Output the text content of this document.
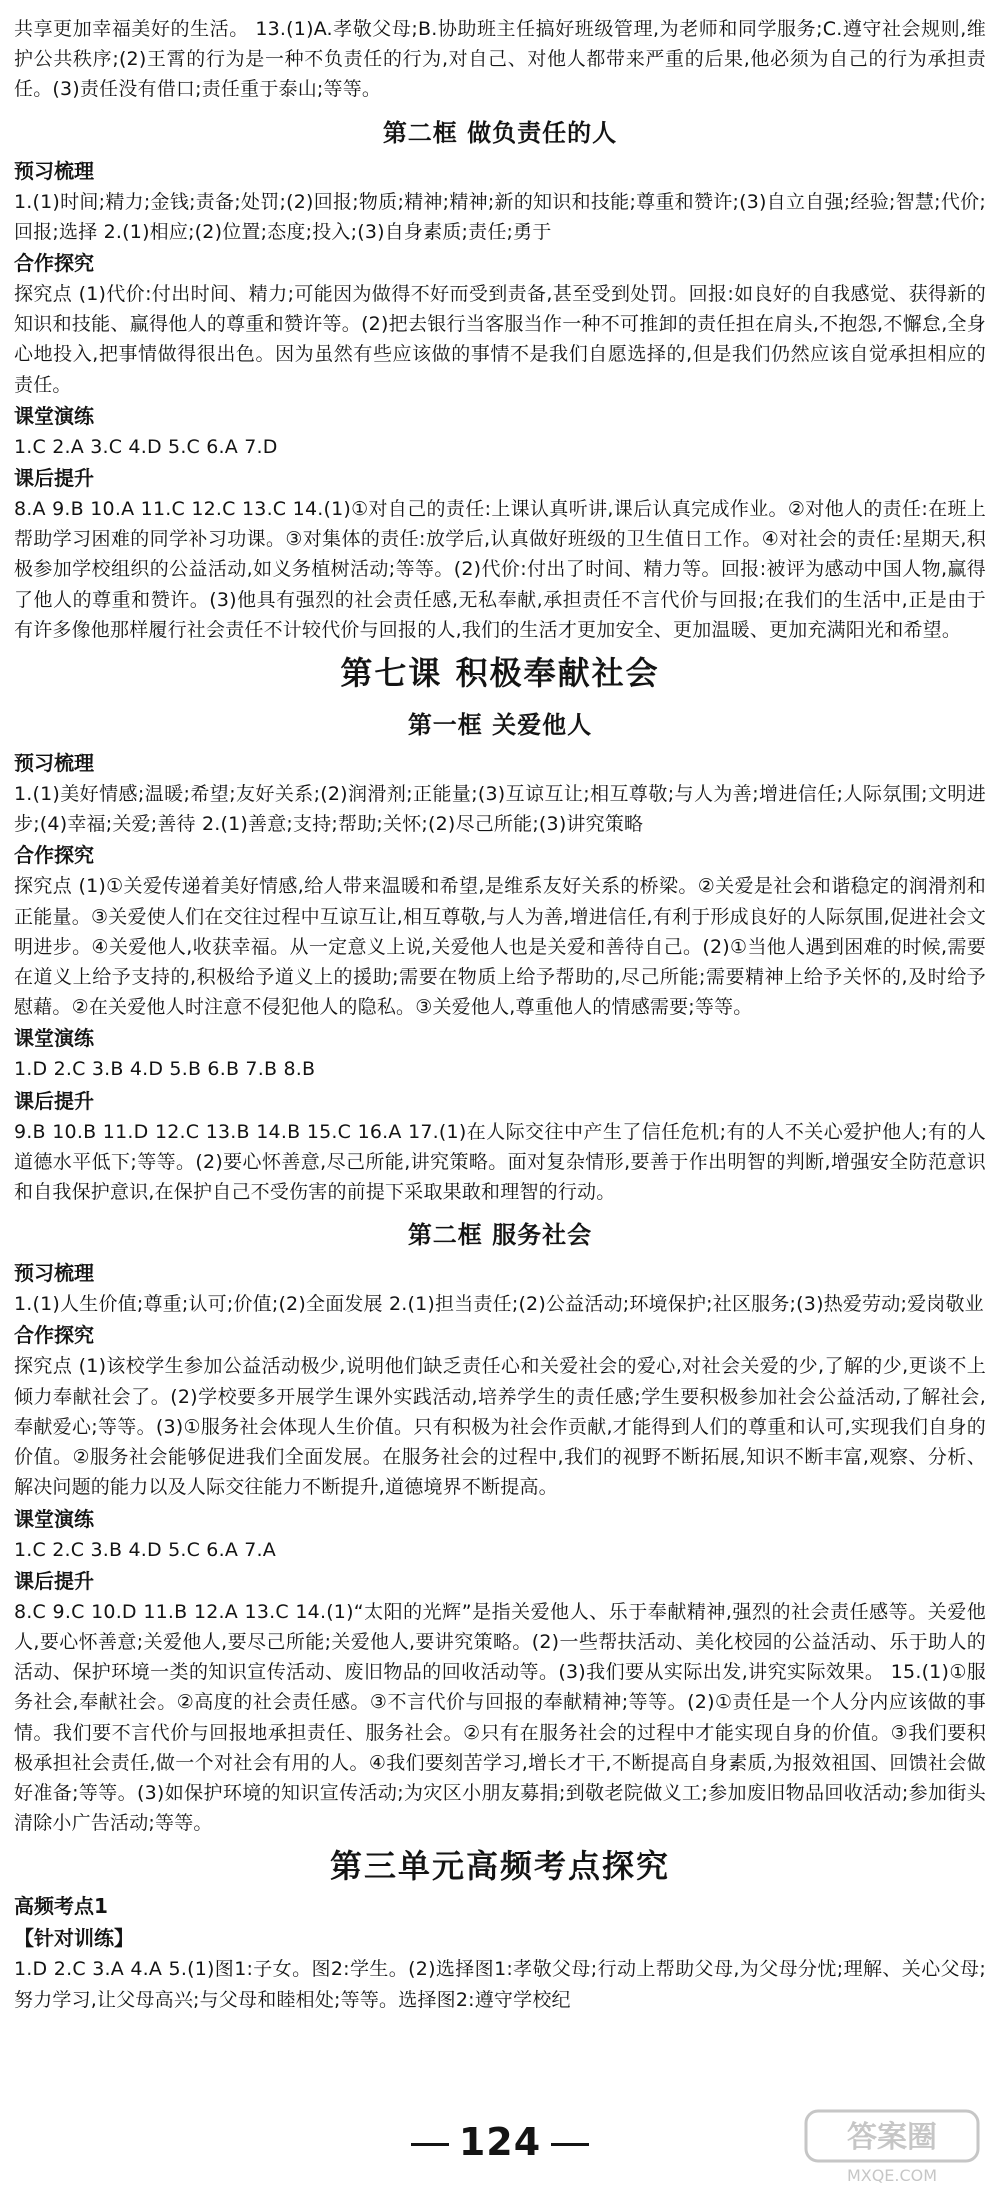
共享更加幸福美好的生活。 13.(1)A.孝敬父母;B.协助班主任搞好班级管理,为老师和同学服务;C.遵守社会规则,维护公共秩序;(2)王霄的行为是一种不负责任的行为,对自己、对他人都带来严重的后果,他必须为自己的行为承担责任。(3)责任没有借口;责任重于泰山;等等。

第二框 做负责任的人
预习梳理

1.(1)时间;精力;金钱;责备;处罚;(2)回报;物质;精神;精神;新的知识和技能;尊重和赞许;(3)自立自强;经验;智慧;代价;回报;选择 2.(1)相应;(2)位置;态度;投入;(3)自身素质;责任;勇于

合作探究

探究点 (1)代价:付出时间、精力;可能因为做得不好而受到责备,甚至受到处罚。回报:如良好的自我感觉、获得新的知识和技能、赢得他人的尊重和赞许等。(2)把去银行当客服当作一种不可推卸的责任担在肩头,不抱怨,不懈怠,全身心地投入,把事情做得很出色。因为虽然有些应该做的事情不是我们自愿选择的,但是我们仍然应该自觉承担相应的责任。

课堂演练

1.C 2.A 3.C 4.D 5.C 6.A 7.D

课后提升

8.A 9.B 10.A 11.C 12.C 13.C 14.(1)①对自己的责任:上课认真听讲,课后认真完成作业。②对他人的责任:在班上帮助学习困难的同学补习功课。③对集体的责任:放学后,认真做好班级的卫生值日工作。④对社会的责任:星期天,积极参加学校组织的公益活动,如义务植树活动;等等。(2)代价:付出了时间、精力等。回报:被评为感动中国人物,赢得了他人的尊重和赞许。(3)他具有强烈的社会责任感,无私奉献,承担责任不言代价与回报;在我们的生活中,正是由于有许多像他那样履行社会责任不计较代价与回报的人,我们的生活才更加安全、更加温暖、更加充满阳光和希望。

第七课 积极奉献社会
第一框 关爱他人
预习梳理

1.(1)美好情感;温暖;希望;友好关系;(2)润滑剂;正能量;(3)互谅互让;相互尊敬;与人为善;增进信任;人际氛围;文明进步;(4)幸福;关爱;善待 2.(1)善意;支持;帮助;关怀;(2)尽己所能;(3)讲究策略

合作探究

探究点 (1)①关爱传递着美好情感,给人带来温暖和希望,是维系友好关系的桥梁。②关爱是社会和谐稳定的润滑剂和正能量。③关爱使人们在交往过程中互谅互让,相互尊敬,与人为善,增进信任,有利于形成良好的人际氛围,促进社会文明进步。④关爱他人,收获幸福。从一定意义上说,关爱他人也是关爱和善待自己。(2)①当他人遇到困难的时候,需要在道义上给予支持的,积极给予道义上的援助;需要在物质上给予帮助的,尽己所能;需要精神上给予关怀的,及时给予慰藉。②在关爱他人时注意不侵犯他人的隐私。③关爱他人,尊重他人的情感需要;等等。

课堂演练

1.D 2.C 3.B 4.D 5.B 6.B 7.B 8.B

课后提升

9.B 10.B 11.D 12.C 13.B 14.B 15.C 16.A 17.(1)在人际交往中产生了信任危机;有的人不关心爱护他人;有的人道德水平低下;等等。(2)要心怀善意,尽己所能,讲究策略。面对复杂情形,要善于作出明智的判断,增强安全防范意识和自我保护意识,在保护自己不受伤害的前提下采取果敢和理智的行动。

第二框 服务社会
预习梳理

1.(1)人生价值;尊重;认可;价值;(2)全面发展 2.(1)担当责任;(2)公益活动;环境保护;社区服务;(3)热爱劳动;爱岗敬业

合作探究

探究点 (1)该校学生参加公益活动极少,说明他们缺乏责任心和关爱社会的爱心,对社会关爱的少,了解的少,更谈不上倾力奉献社会了。(2)学校要多开展学生课外实践活动,培养学生的责任感;学生要积极参加社会公益活动,了解社会,奉献爱心;等等。(3)①服务社会体现人生价值。只有积极为社会作贡献,才能得到人们的尊重和认可,实现我们自身的价值。②服务社会能够促进我们全面发展。在服务社会的过程中,我们的视野不断拓展,知识不断丰富,观察、分析、解决问题的能力以及人际交往能力不断提升,道德境界不断提高。

课堂演练

1.C 2.C 3.B 4.D 5.C 6.A 7.A

课后提升

8.C 9.C 10.D 11.B 12.A 13.C 14.(1)“太阳的光辉”是指关爱他人、乐于奉献精神,强烈的社会责任感等。关爱他人,要心怀善意;关爱他人,要尽己所能;关爱他人,要讲究策略。(2)一些帮扶活动、美化校园的公益活动、乐于助人的活动、保护环境一类的知识宣传活动、废旧物品的回收活动等。(3)我们要从实际出发,讲究实际效果。 15.(1)①服务社会,奉献社会。②高度的社会责任感。③不言代价与回报的奉献精神;等等。(2)①责任是一个人分内应该做的事情。我们要不言代价与回报地承担责任、服务社会。②只有在服务社会的过程中才能实现自身的价值。③我们要积极承担社会责任,做一个对社会有用的人。④我们要刻苦学习,增长才干,不断提高自身素质,为报效祖国、回馈社会做好准备;等等。(3)如保护环境的知识宣传活动;为灾区小朋友募捐;到敬老院做义工;参加废旧物品回收活动;参加街头清除小广告活动;等等。

第三单元高频考点探究
高频考点1
【针对训练】

1.D 2.C 3.A 4.A 5.(1)图1:子女。图2:学生。(2)选择图1:孝敬父母;行动上帮助父母,为父母分忧;理解、关心父母;努力学习,让父母高兴;与父母和睦相处;等等。选择图2:遵守学校纪

124	答案圈
MXQE.COM
